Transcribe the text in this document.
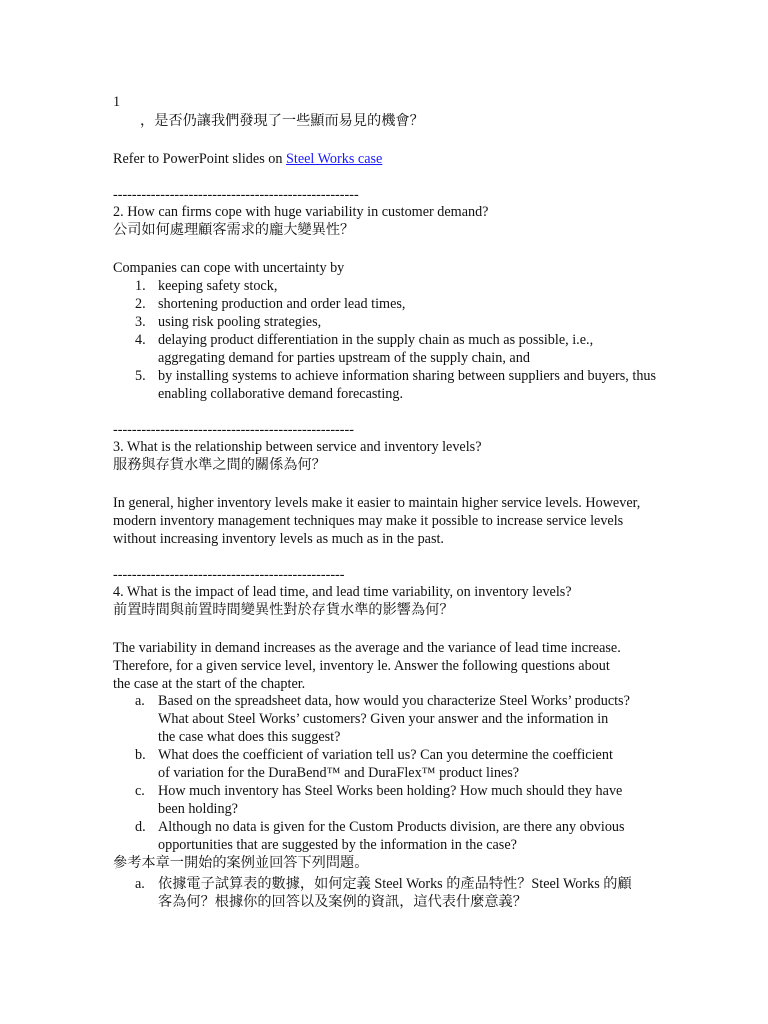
1
，是否仍讓我們發現了一些顯而易見的機會？
Refer to PowerPoint slides on Steel Works case
----------------------------------------------------
2. How can firms cope with huge variability in customer demand?
公司如何處理顧客需求的龐大變異性？
Companies can cope with uncertainty by
1. keeping safety stock,
2. shortening production and order lead times,
3. using risk pooling strategies,
4. delaying product differentiation in the supply chain as much as possible, i.e.,
aggregating demand for parties upstream of the supply chain, and
5. by installing systems to achieve information sharing between suppliers and buyers, thus
enabling collaborative demand forecasting.
---------------------------------------------------
3. What is the relationship between service and inventory levels?
服務與存貨水準之間的關係為何？
In general, higher inventory levels make it easier to maintain higher service levels. However,
modern inventory management techniques may make it possible to increase service levels
without increasing inventory levels as much as in the past.
-------------------------------------------------
4. What is the impact of lead time, and lead time variability, on inventory levels?
前置時間與前置時間變異性對於存貨水準的影響為何？
The variability in demand increases as the average and the variance of lead time increase.
Therefore, for a given service level, inventory le. Answer the following questions about
the case at the start of the chapter.
a. Based on the spreadsheet data, how would you characterize Steel Works’ products?
What about Steel Works’ customers? Given your answer and the information in
the case what does this suggest?
b. What does the coefficient of variation tell us? Can you determine the coefficient
of variation for the DuraBend™ and DuraFlex™ product lines?
c. How much inventory has Steel Works been holding? How much should they have
been holding?
d. Although no data is given for the Custom Products division, are there any obvious
opportunities that are suggested by the information in the case?
參考本章一開始的案例並回答下列問題。
a. 依據電子試算表的數據，如何定義 Steel Works 的產品特性？Steel Works 的顧
客為何？根據你的回答以及案例的資訊，這代表什麼意義？
